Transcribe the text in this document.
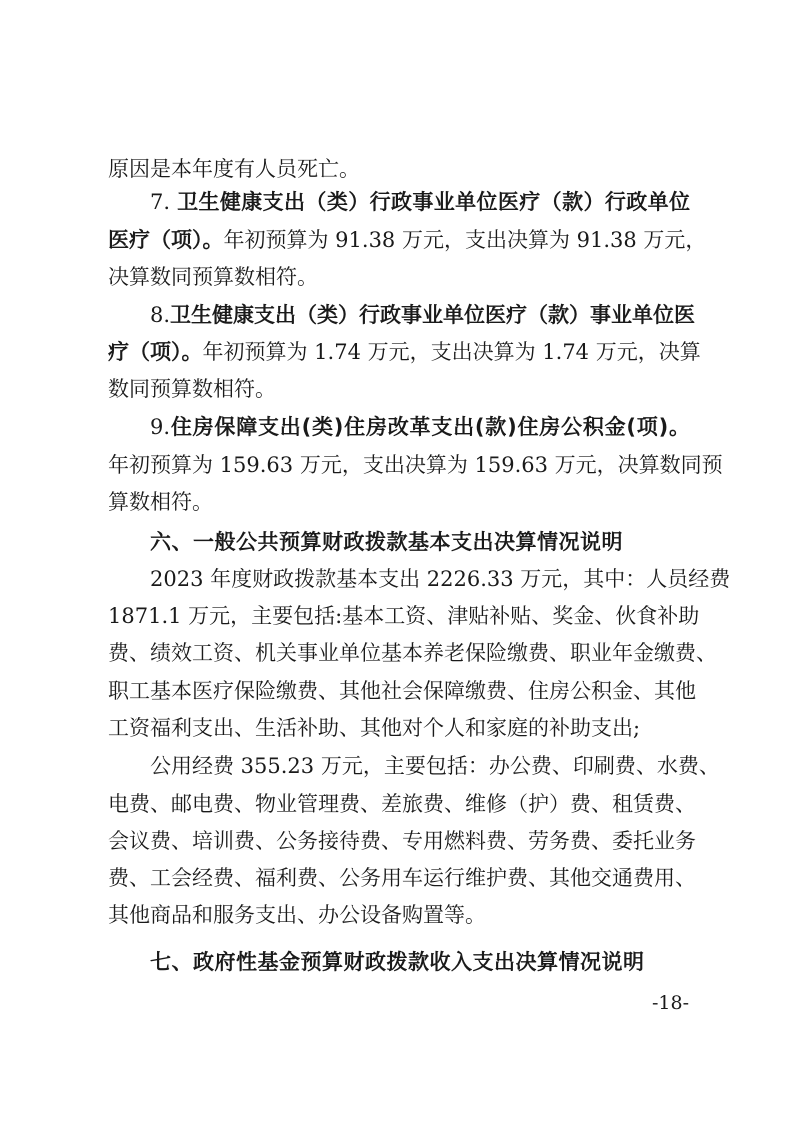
原因是本年度有人员死亡。
7. 卫生健康支出（类）行政事业单位医疗（款）行政单位
医疗（项）。年初预算为 91.38 万元，支出决算为 91.38 万元，
决算数同预算数相符。
8.卫生健康支出（类）行政事业单位医疗（款）事业单位医
疗（项）。年初预算为 1.74 万元，支出决算为 1.74 万元，决算
数同预算数相符。
9.住房保障支出(类)住房改革支出(款)住房公积金(项)。
年初预算为 159.63 万元，支出决算为 159.63 万元，决算数同预
算数相符。
六、一般公共预算财政拨款基本支出决算情况说明
2023 年度财政拨款基本支出 2226.33 万元，其中：人员经费
1871.1 万元，主要包括:基本工资、津贴补贴、奖金、伙食补助
费、绩效工资、机关事业单位基本养老保险缴费、职业年金缴费、
职工基本医疗保险缴费、其他社会保障缴费、住房公积金、其他
工资福利支出、生活补助、其他对个人和家庭的补助支出;
公用经费 355.23 万元，主要包括：办公费、印刷费、水费、
电费、邮电费、物业管理费、差旅费、维修（护）费、租赁费、
会议费、培训费、公务接待费、专用燃料费、劳务费、委托业务
费、工会经费、福利费、公务用车运行维护费、其他交通费用、
其他商品和服务支出、办公设备购置等。
七、政府性基金预算财政拨款收入支出决算情况说明
-18-
